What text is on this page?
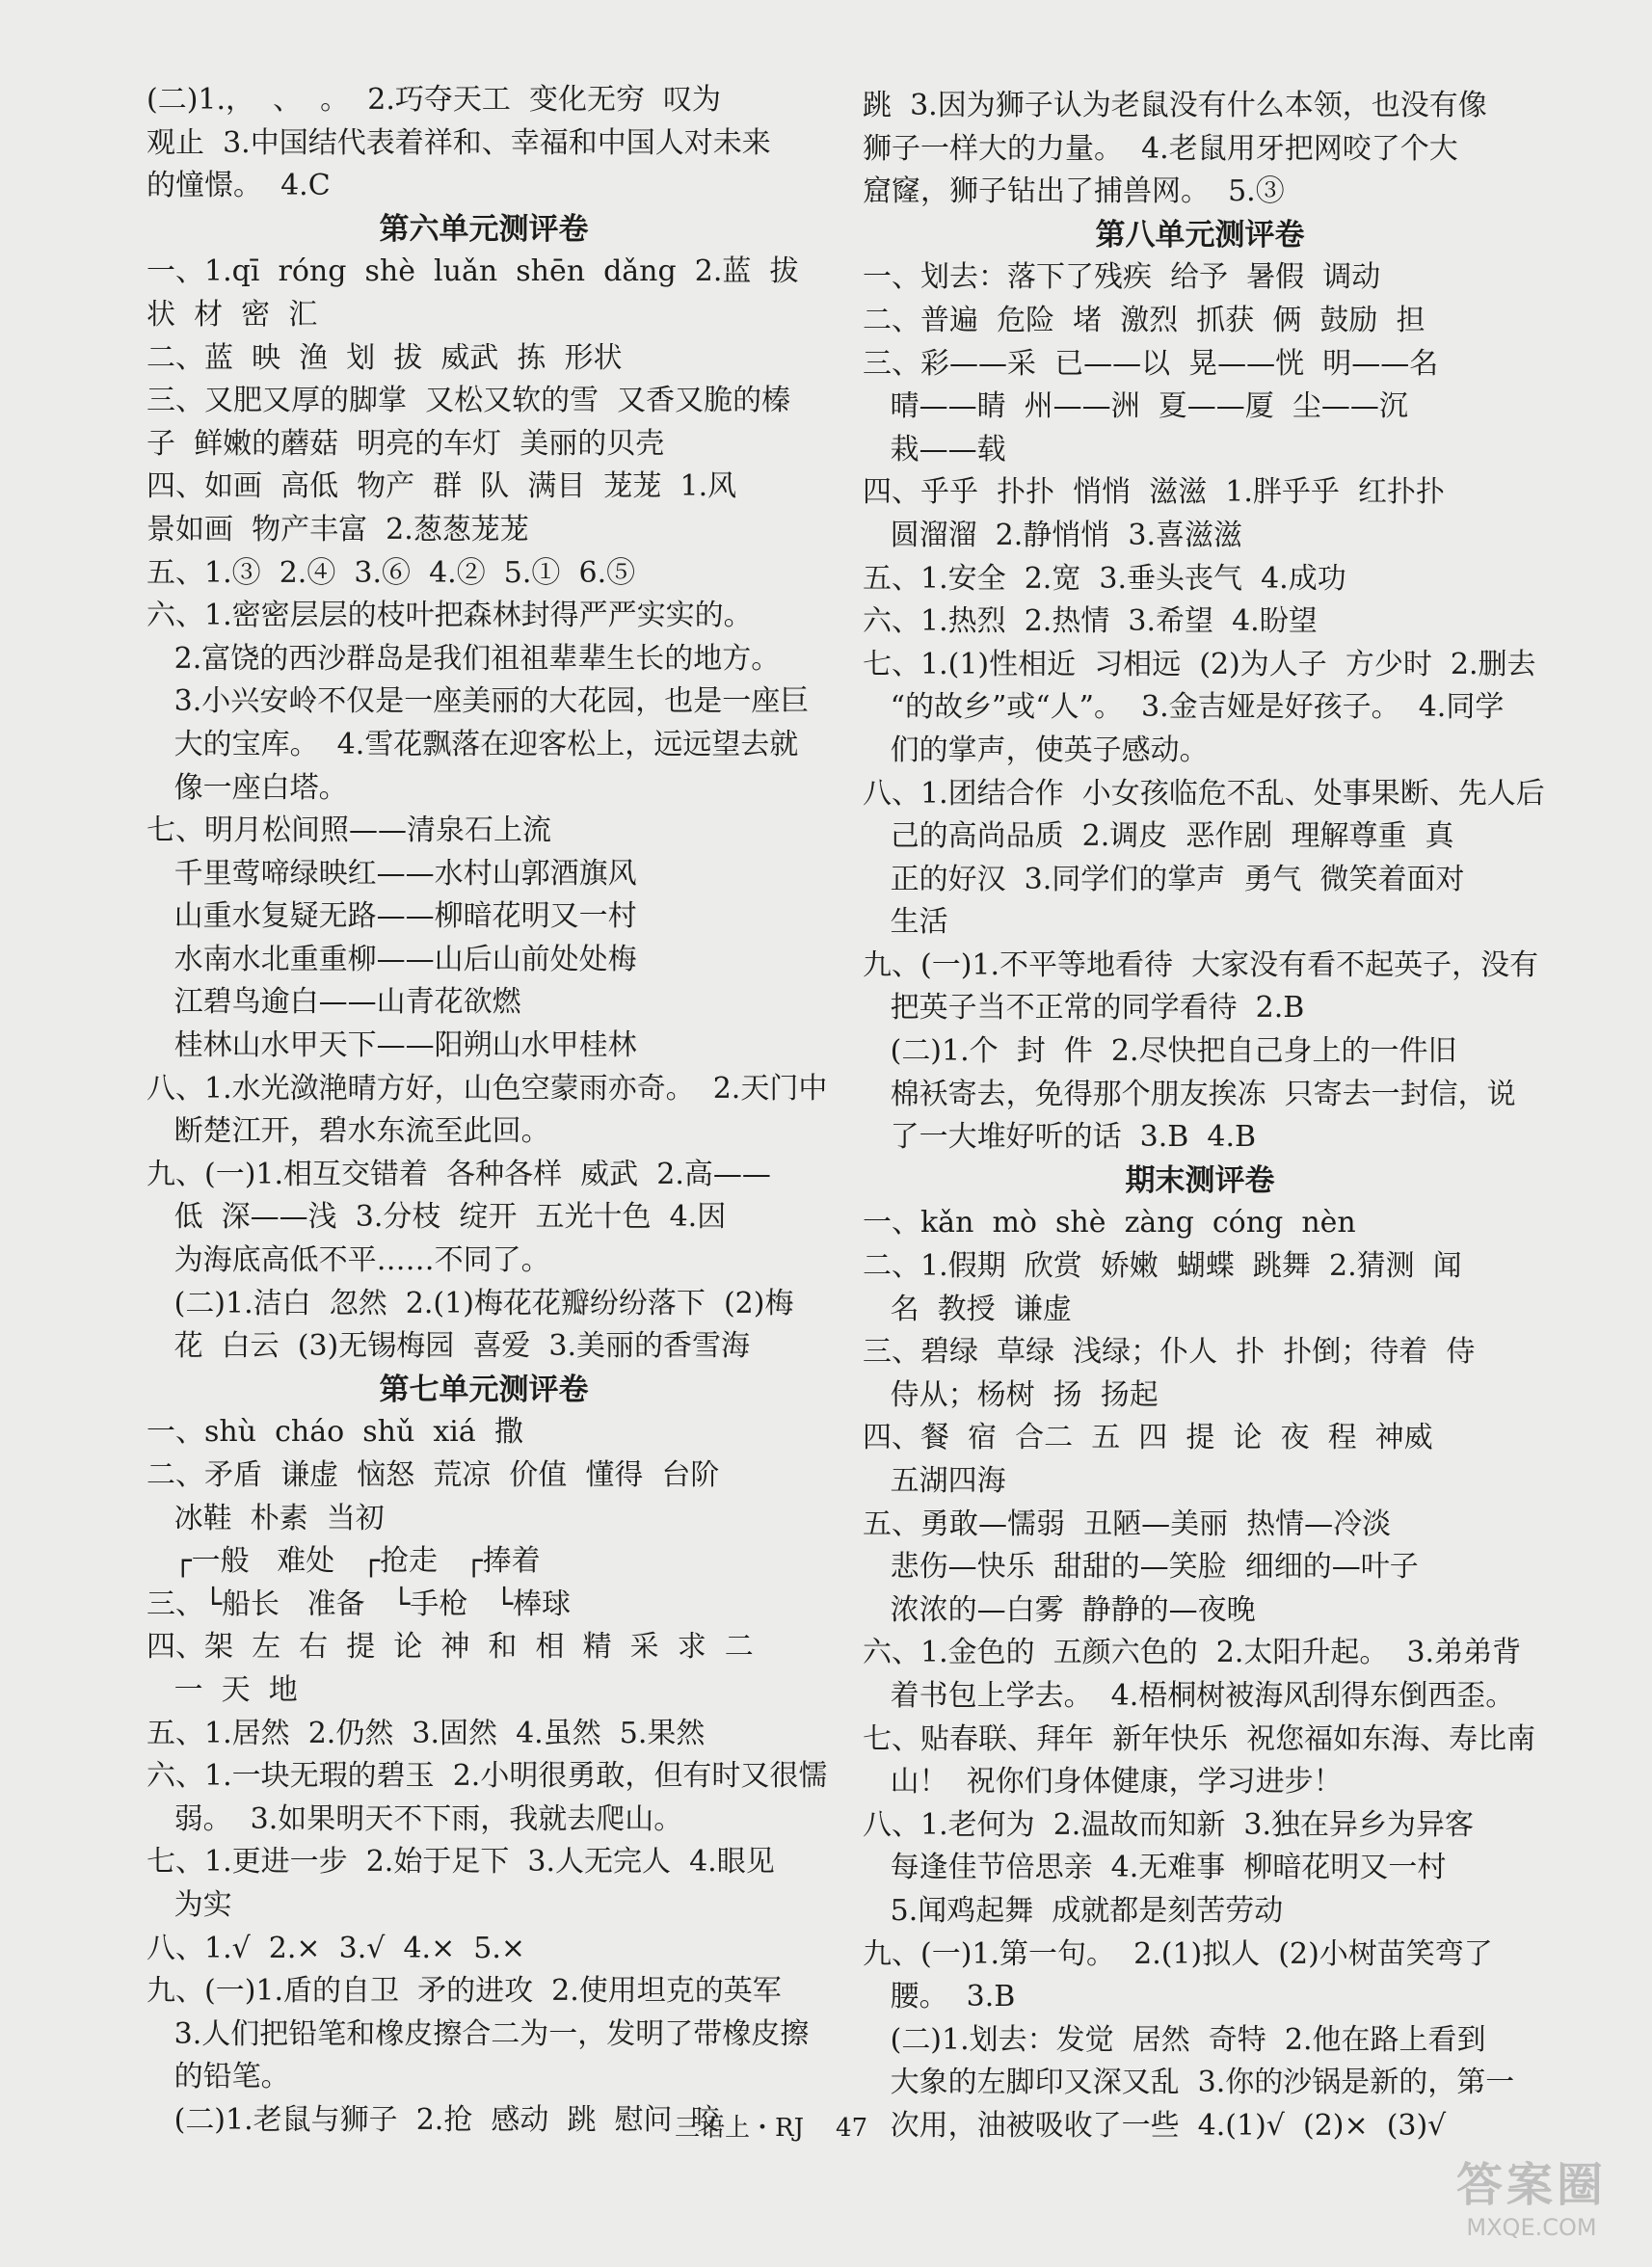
(二)1.，  、  。  2.巧夺天工  变化无穷  叹为
观止  3.中国结代表着祥和、幸福和中国人对未来
的憧憬。  4.C
第六单元测评卷
一、1.qī  róng  shè  luǎn  shēn  dǎng  2.蓝  拔
状  材  密  汇
二、蓝  映  渔  划  拔  威武  拣  形状
三、又肥又厚的脚掌  又松又软的雪  又香又脆的榛
子  鲜嫩的蘑菇  明亮的车灯  美丽的贝壳
四、如画  高低  物产  群  队  满目  茏茏  1.风
景如画  物产丰富  2.葱葱茏茏
五、1.③  2.④  3.⑥  4.②  5.①  6.⑤
六、1.密密层层的枝叶把森林封得严严实实的。
2.富饶的西沙群岛是我们祖祖辈辈生长的地方。
3.小兴安岭不仅是一座美丽的大花园，也是一座巨
大的宝库。  4.雪花飘落在迎客松上，远远望去就
像一座白塔。
七、明月松间照——清泉石上流
千里莺啼绿映红——水村山郭酒旗风
山重水复疑无路——柳暗花明又一村
水南水北重重柳——山后山前处处梅
江碧鸟逾白——山青花欲燃
桂林山水甲天下——阳朔山水甲桂林
八、1.水光潋滟晴方好，山色空蒙雨亦奇。  2.天门中
断楚江开，碧水东流至此回。
九、(一)1.相互交错着  各种各样  威武  2.高——
低  深——浅  3.分枝  绽开  五光十色  4.因
为海底高低不平……不同了。
(二)1.洁白  忽然  2.(1)梅花花瓣纷纷落下  (2)梅
花  白云  (3)无锡梅园  喜爱  3.美丽的香雪海
第七单元测评卷
一、shù  cháo  shǔ  xiá  撒
二、矛盾  谦虚  恼怒  荒凉  价值  懂得  台阶
冰鞋  朴素  当初
┌一般   难处   ┌抢走   ┌捧着
三、└船长   准备   └手枪   └棒球
四、架  左  右  提  论  神  和  相  精  采  求  二
一  天  地
五、1.居然  2.仍然  3.固然  4.虽然  5.果然
六、1.一块无瑕的碧玉  2.小明很勇敢，但有时又很懦
弱。  3.如果明天不下雨，我就去爬山。
七、1.更进一步  2.始于足下  3.人无完人  4.眼见
为实
八、1.√  2.×  3.√  4.×  5.×
九、(一)1.盾的自卫  矛的进攻  2.使用坦克的英军
3.人们把铅笔和橡皮擦合二为一，发明了带橡皮擦
的铅笔。
(二)1.老鼠与狮子  2.抢  感动  跳  慰问  咬
跳  3.因为狮子认为老鼠没有什么本领，也没有像
狮子一样大的力量。  4.老鼠用牙把网咬了个大
窟窿，狮子钻出了捕兽网。  5.③
第八单元测评卷
一、划去：落下了残疾  给予  暑假  调动
二、普遍  危险  堵  激烈  抓获  俩  鼓励  担
三、彩——采  已——以  晃——恍  明——名
晴——睛  州——洲  夏——厦  尘——沉
栽——载
四、乎乎  扑扑  悄悄  滋滋  1.胖乎乎  红扑扑
圆溜溜  2.静悄悄  3.喜滋滋
五、1.安全  2.宽  3.垂头丧气  4.成功
六、1.热烈  2.热情  3.希望  4.盼望
七、1.(1)性相近  习相远  (2)为人子  方少时  2.删去
“的故乡”或“人”。  3.金吉娅是好孩子。  4.同学
们的掌声，使英子感动。
八、1.团结合作  小女孩临危不乱、处事果断、先人后
己的高尚品质  2.调皮  恶作剧  理解尊重  真
正的好汉  3.同学们的掌声  勇气  微笑着面对
生活
九、(一)1.不平等地看待  大家没有看不起英子，没有
把英子当不正常的同学看待  2.B
(二)1.个  封  件  2.尽快把自己身上的一件旧
棉袄寄去，免得那个朋友挨冻  只寄去一封信，说
了一大堆好听的话  3.B  4.B
期末测评卷
一、kǎn  mò  shè  zàng  cóng  nèn
二、1.假期  欣赏  娇嫩  蝴蝶  跳舞  2.猜测  闻
名  教授  谦虚
三、碧绿  草绿  浅绿；仆人  扑  扑倒；待着  侍
侍从；杨树  扬  扬起
四、餐  宿  合二  五  四  提  论  夜  程  神威
五湖四海
五、勇敢—懦弱  丑陋—美丽  热情—冷淡
悲伤—快乐  甜甜的—笑脸  细细的—叶子
浓浓的—白雾  静静的—夜晚
六、1.金色的  五颜六色的  2.太阳升起。  3.弟弟背
着书包上学去。  4.梧桐树被海风刮得东倒西歪。
七、贴春联、拜年  新年快乐  祝您福如东海、寿比南
山！  祝你们身体健康，学习进步！
八、1.老何为  2.温故而知新  3.独在异乡为异客
每逢佳节倍思亲  4.无难事  柳暗花明又一村
5.闻鸡起舞  成就都是刻苦劳动
九、(一)1.第一句。  2.(1)拟人  (2)小树苗笑弯了
腰。  3.B
(二)1.划去：发觉  居然  奇特  2.他在路上看到
大象的左脚印又深又乱  3.你的沙锅是新的，第一
次用，油被吸收了一些  4.(1)√  (2)×  (3)√
三语上・RJ    47
答案圈
MXQE.COM
